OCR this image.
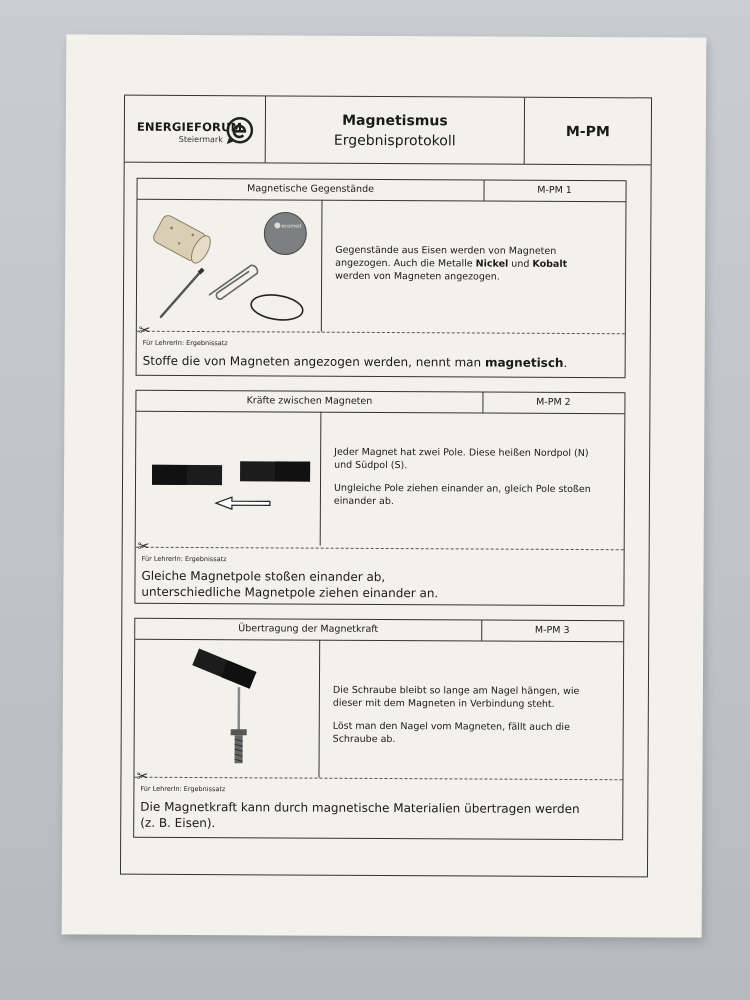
ENERGIEFORUM
Steiermark
Magnetismus
Ergebnisprotokoll
M-PM
Magnetische Gegenstände	M-PM 1
ecomed

Gegenstände aus Eisen werden von Magneten angezogen. Auch die Metalle Nickel und Kobalt werden von Magneten angezogen.

✂
Für LehrerIn: Ergebnissatz
Stoffe die von Magneten angezogen werden, nennt man magnetisch.
Kräfte zwischen Magneten	M-PM 2

Jeder Magnet hat zwei Pole. Diese heißen Nordpol (N) und Südpol (S).

Ungleiche Pole ziehen einander an, gleich Pole stoßen einander ab.

✂
Für LehrerIn: Ergebnissatz
Gleiche Magnetpole stoßen einander ab,
unterschiedliche Magnetpole ziehen einander an.
Übertragung der Magnetkraft	M-PM 3

Die Schraube bleibt so lange am Nagel hängen, wie dieser mit dem Magneten in Verbindung steht.

Löst man den Nagel vom Magneten, fällt auch die Schraube ab.

✂
Für LehrerIn: Ergebnissatz
Die Magnetkraft kann durch magnetische Materialien übertragen werden
(z. B. Eisen).
